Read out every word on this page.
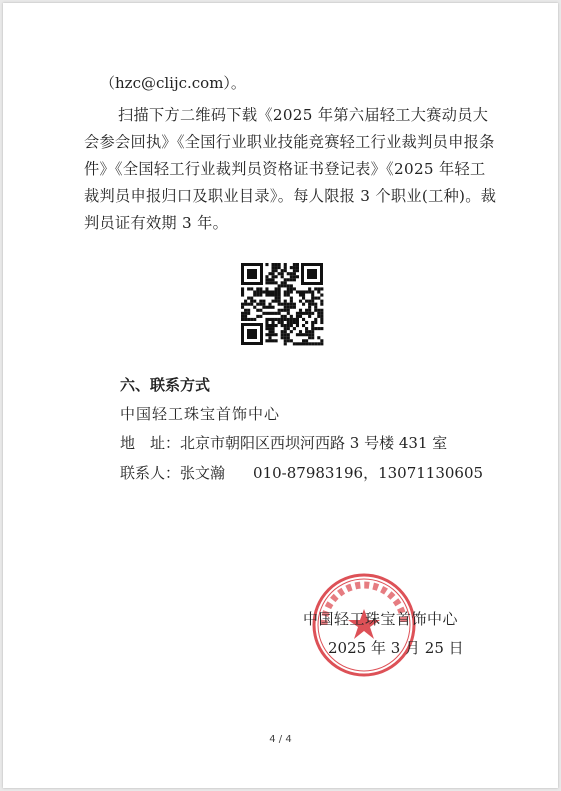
（hzc@clijc.com）。
扫描下方二维码下载《2025 年第六届轻工大赛动员大会参会回执》《全国行业职业技能竞赛轻工行业裁判员申报条件》《全国轻工行业裁判员资格证书登记表》《2025 年轻工裁判员申报归口及职业目录》。每人限报 3 个职业(工种)。裁判员证有效期 3 年。
六、联系方式
中国轻工珠宝首饰中心
地　址：北京市朝阳区西坝河西路 3 号楼 431 室
联系人：张文瀚 010-87983196，13071130605
中国轻工珠宝首饰中心
2025 年 3 月 25 日
4 / 4
